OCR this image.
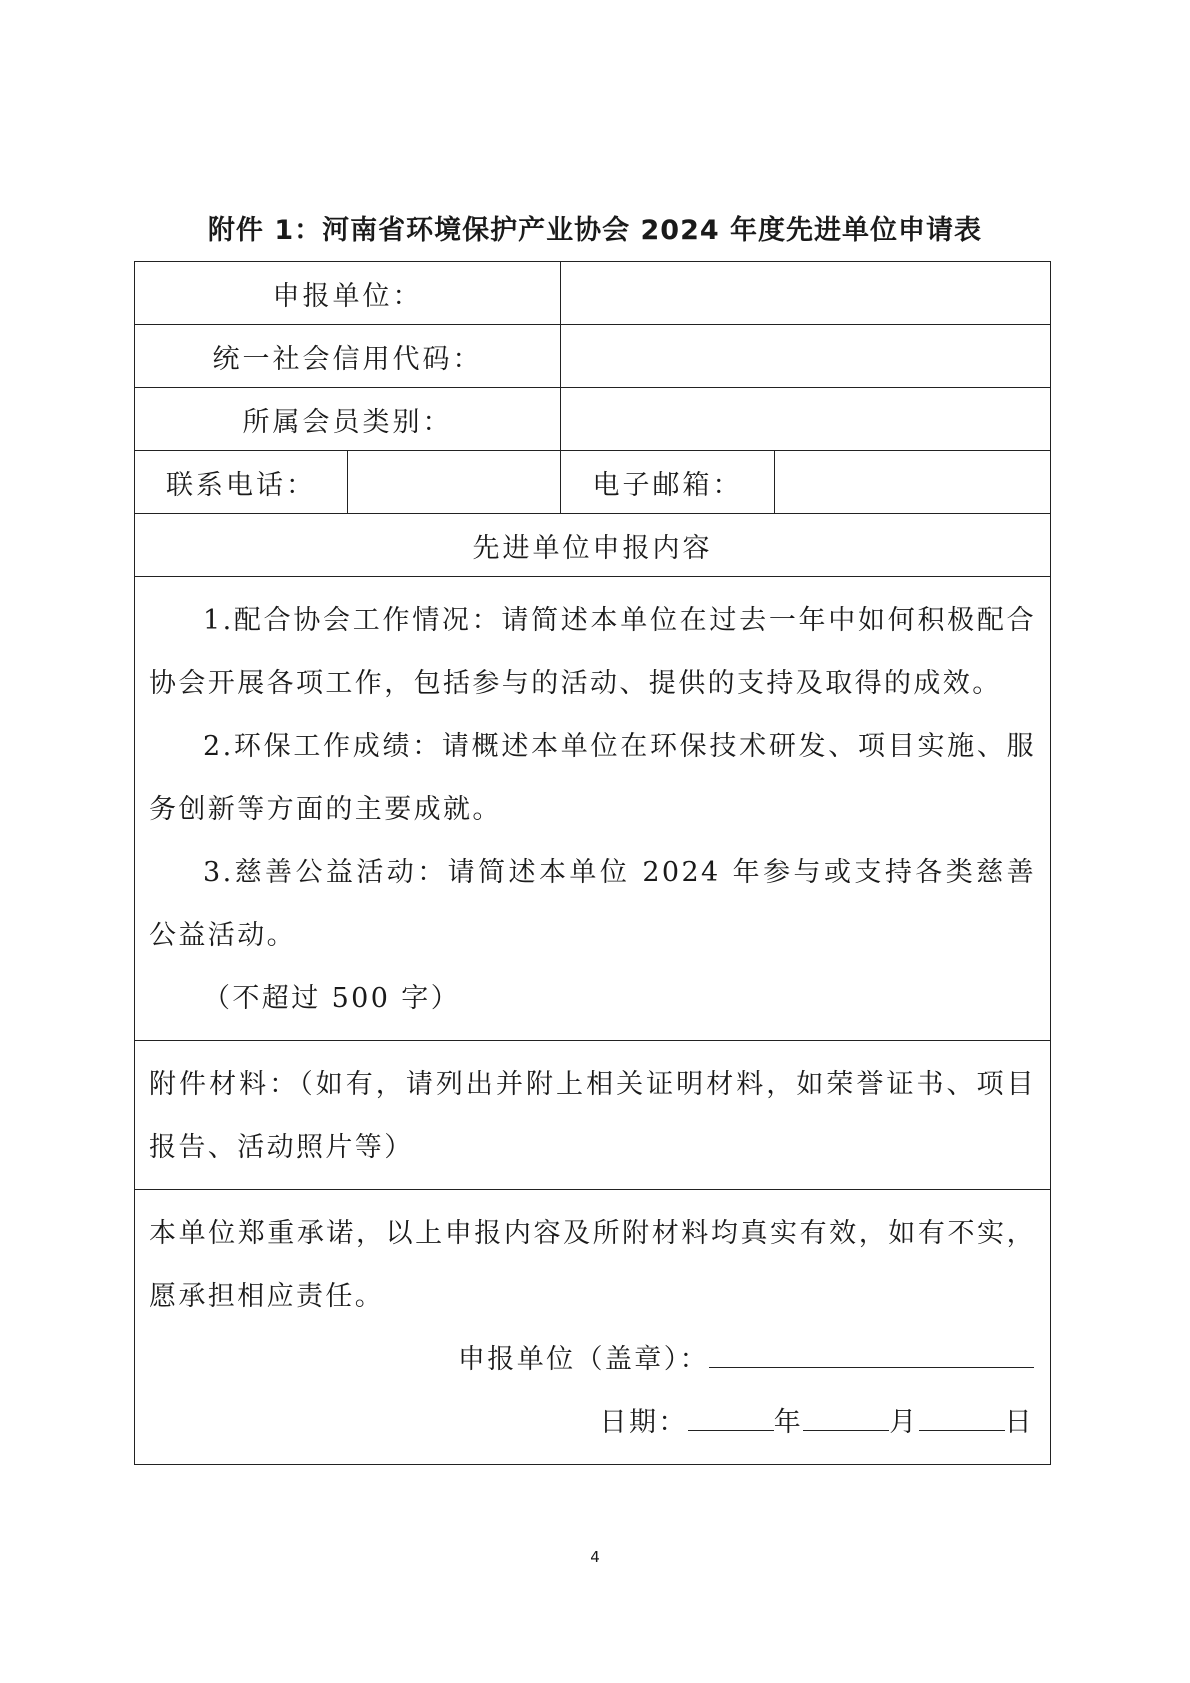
附件 1：河南省环境保护产业协会 2024 年度先进单位申请表
申报单位：			
统一社会信用代码：			
所属会员类别：			
联系电话：		电子邮箱：	
先进单位申报内容			

1.配合协会工作情况：请简述本单位在过去一年中如何积极配合协会开展各项工作，包括参与的活动、提供的支持及取得的成效。

2.环保工作成绩：请概述本单位在环保技术研发、项目实施、服务创新等方面的主要成就。

3.慈善公益活动：请简述本单位 2024 年参与或支持各类慈善公益活动。

（不超过 500 字）			

附件材料：（如有，请列出并附上相关证明材料，如荣誉证书、项目报告、活动照片等）			

本单位郑重承诺，以上申报内容及所附材料均真实有效，如有不实，愿承担相应责任。

申报单位（盖章）：

日期： 年 月 日			

4
